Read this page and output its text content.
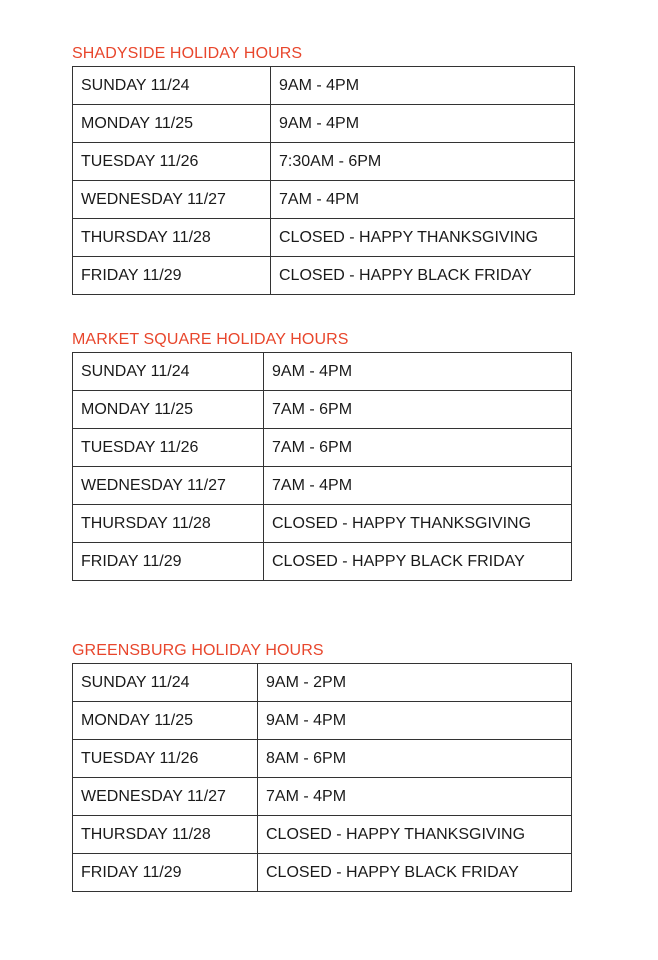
SHADYSIDE HOLIDAY HOURS
SUNDAY 11/24	9AM - 4PM
MONDAY 11/25	9AM - 4PM
TUESDAY 11/26	7:30AM - 6PM
WEDNESDAY 11/27	7AM - 4PM
THURSDAY 11/28	CLOSED - HAPPY THANKSGIVING
FRIDAY 11/29	CLOSED - HAPPY BLACK FRIDAY
MARKET SQUARE HOLIDAY HOURS
SUNDAY 11/24	9AM - 4PM
MONDAY 11/25	7AM - 6PM
TUESDAY 11/26	7AM - 6PM
WEDNESDAY 11/27	7AM - 4PM
THURSDAY 11/28	CLOSED - HAPPY THANKSGIVING
FRIDAY 11/29	CLOSED - HAPPY BLACK FRIDAY
GREENSBURG HOLIDAY HOURS
SUNDAY 11/24	9AM - 2PM
MONDAY 11/25	9AM - 4PM
TUESDAY 11/26	8AM - 6PM
WEDNESDAY 11/27	7AM - 4PM
THURSDAY 11/28	CLOSED - HAPPY THANKSGIVING
FRIDAY 11/29	CLOSED - HAPPY BLACK FRIDAY
